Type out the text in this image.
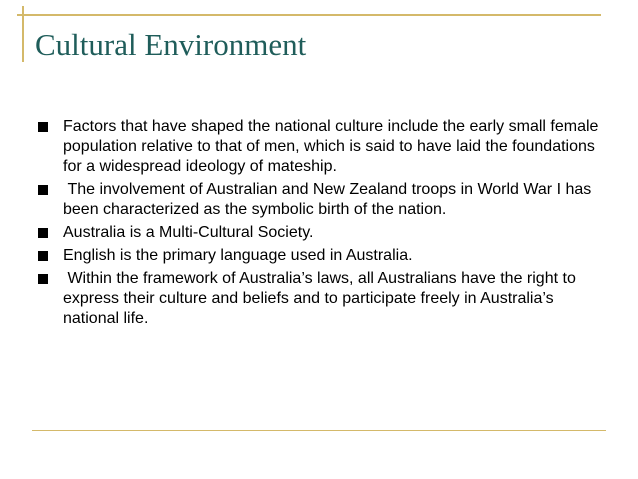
Cultural Environment
Factors that have shaped the national culture include the early small female population relative to that of men, which is said to have laid the foundations for a widespread ideology of mateship.
The involvement of Australian and New Zealand troops in World War I has been characterized as the symbolic birth of the nation.
Australia is a Multi-Cultural Society.
English is the primary language used in Australia.
Within the framework of Australia’s laws, all Australians have the right to express their culture and beliefs and to participate freely in Australia’s national life.
